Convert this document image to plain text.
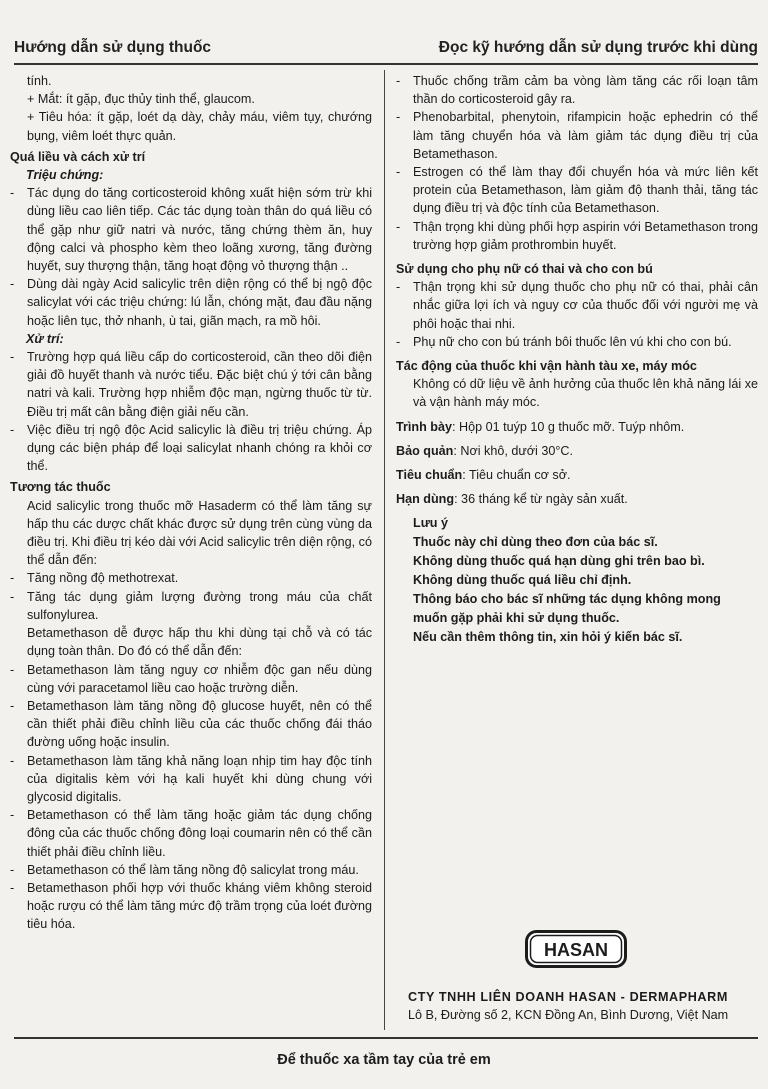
Hướng dẫn sử dụng thuốc	Đọc kỹ hướng dẫn sử dụng trước khi dùng
tính.
+ Mắt: ít gặp, đục thủy tinh thể, glaucom.
+ Tiêu hóa: ít gặp, loét dạ dày, chảy máu, viêm tụy, chướng bụng, viêm loét thực quản.
Quá liều và cách xử trí
Triệu chứng:
- Tác dụng do tăng corticosteroid không xuất hiện sớm trừ khi dùng liều cao liên tiếp. Các tác dụng toàn thân do quá liều có thể gặp như giữ natri và nước, tăng chứng thèm ăn, huy động calci và phospho kèm theo loãng xương, tăng đường huyết, suy thượng thận, tăng hoạt động vỏ thượng thận ..
- Dùng dài ngày Acid salicylic trên diện rộng có thể bị ngộ độc salicylat với các triệu chứng: lú lẫn, chóng mặt, đau đầu nặng hoặc liên tục, thở nhanh, ù tai, giãn mạch, ra mồ hôi.
Xử trí:
- Trường hợp quá liều cấp do corticosteroid, cần theo dõi điện giải đồ huyết thanh và nước tiểu. Đặc biệt chú ý tới cân bằng natri và kali. Trường hợp nhiễm độc mạn, ngừng thuốc từ từ. Điều trị mất cân bằng điện giải nếu cần.
- Việc điều trị ngộ độc Acid salicylic là điều trị triệu chứng. Áp dụng các biện pháp để loại salicylat nhanh chóng ra khỏi cơ thể.
Tương tác thuốc
Acid salicylic trong thuốc mỡ Hasaderm có thể làm tăng sự hấp thu các dược chất khác được sử dụng trên cùng vùng da điều trị. Khi điều trị kéo dài với Acid salicylic trên diện rộng, có thể dẫn đến:
- Tăng nồng độ methotrexat.
- Tăng tác dụng giảm lượng đường trong máu của chất sulfonylurea.
Betamethason dễ được hấp thu khi dùng tại chỗ và có tác dụng toàn thân. Do đó có thể dẫn đến:
- Betamethason làm tăng nguy cơ nhiễm độc gan nếu dùng cùng với paracetamol liều cao hoặc trường diễn.
- Betamethason làm tăng nồng độ glucose huyết, nên có thể cần thiết phải điều chỉnh liều của các thuốc chống đái tháo đường uống hoặc insulin.
- Betamethason làm tăng khả năng loạn nhịp tim hay độc tính của digitalis kèm với hạ kali huyết khi dùng chung với glycosid digitalis.
- Betamethason có thể làm tăng hoặc giảm tác dụng chống đông của các thuốc chống đông loại coumarin nên có thể cần thiết phải điều chỉnh liều.
- Betamethason có thể làm tăng nồng độ salicylat trong máu.
- Betamethason phối hợp với thuốc kháng viêm không steroid hoặc rượu có thể làm tăng mức độ trầm trọng của loét đường tiêu hóa.
- Thuốc chống trầm cảm ba vòng làm tăng các rối loạn tâm thần do corticosteroid gây ra.
- Phenobarbital, phenytoin, rifampicin hoặc ephedrin có thể làm tăng chuyển hóa và làm giảm tác dụng điều trị của Betamethason.
- Estrogen có thể làm thay đổi chuyển hóa và mức liên kết protein của Betamethason, làm giảm độ thanh thải, tăng tác dụng điều trị và độc tính của Betamethason.
- Thận trọng khi dùng phối hợp aspirin với Betamethason trong trường hợp giảm prothrombin huyết.
Sử dụng cho phụ nữ có thai và cho con bú
- Thận trọng khi sử dụng thuốc cho phụ nữ có thai, phải cân nhắc giữa lợi ích và nguy cơ của thuốc đối với người mẹ và phôi hoặc thai nhi.
- Phụ nữ cho con bú tránh bôi thuốc lên vú khi cho con bú.
Tác động của thuốc khi vận hành tàu xe, máy móc
Không có dữ liệu về ảnh hưởng của thuốc lên khả năng lái xe và vận hành máy móc.
Trình bày: Hộp 01 tuýp 10 g thuốc mỡ. Tuýp nhôm.
Bảo quản: Nơi khô, dưới 30°C.
Tiêu chuẩn: Tiêu chuẩn cơ sở.
Hạn dùng: 36 tháng kể từ ngày sản xuất.
Lưu ý
Thuốc này chỉ dùng theo đơn của bác sĩ.
Không dùng thuốc quá hạn dùng ghi trên bao bì.
Không dùng thuốc quá liều chỉ định.
Thông báo cho bác sĩ những tác dụng không mong muốn gặp phải khi sử dụng thuốc.
Nếu cần thêm thông tin, xin hỏi ý kiến bác sĩ.
HASAN
CTY TNHH LIÊN DOANH HASAN - DERMAPHARM
Lô B, Đường số 2, KCN Đồng An, Bình Dương, Việt Nam
Để thuốc xa tầm tay của trẻ em
